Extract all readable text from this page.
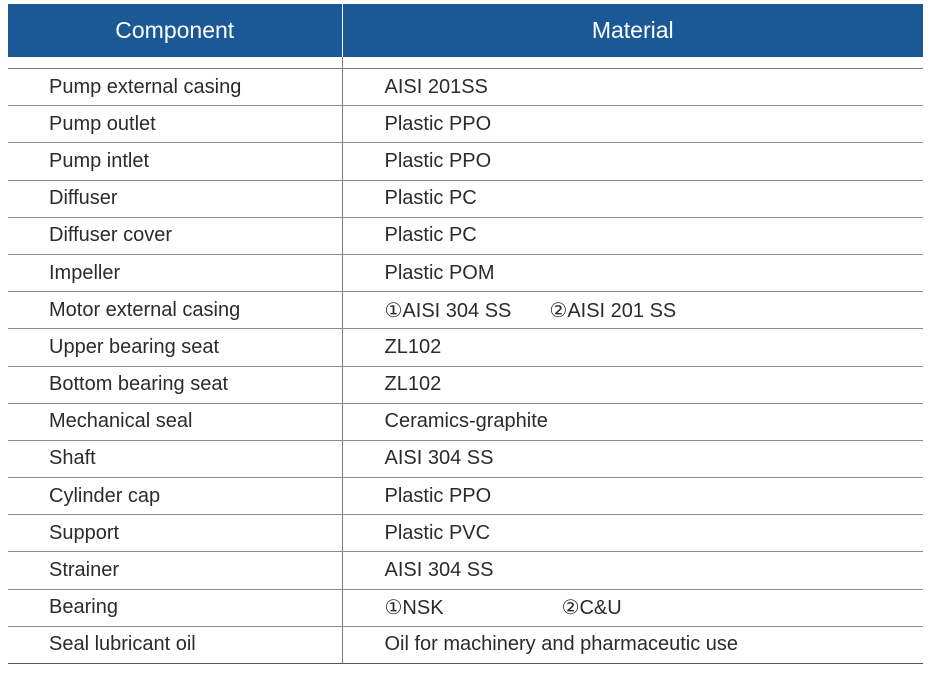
Component	Material

Pump external casing	AISI 201SS
Pump outlet	Plastic PPO
Pump intlet	Plastic PPO
Diffuser	Plastic PC
Diffuser cover	Plastic PC
Impeller	Plastic POM
Motor external casing	①AISI 304 SS ②AISI 201 SS
Upper bearing seat	ZL102
Bottom bearing seat	ZL102
Mechanical seal	Ceramics-graphite
Shaft	AISI 304 SS
Cylinder cap	Plastic PPO
Support	Plastic PVC
Strainer	AISI 304 SS
Bearing	①NSK ②C&U
Seal lubricant oil	Oil for machinery and pharmaceutic use
